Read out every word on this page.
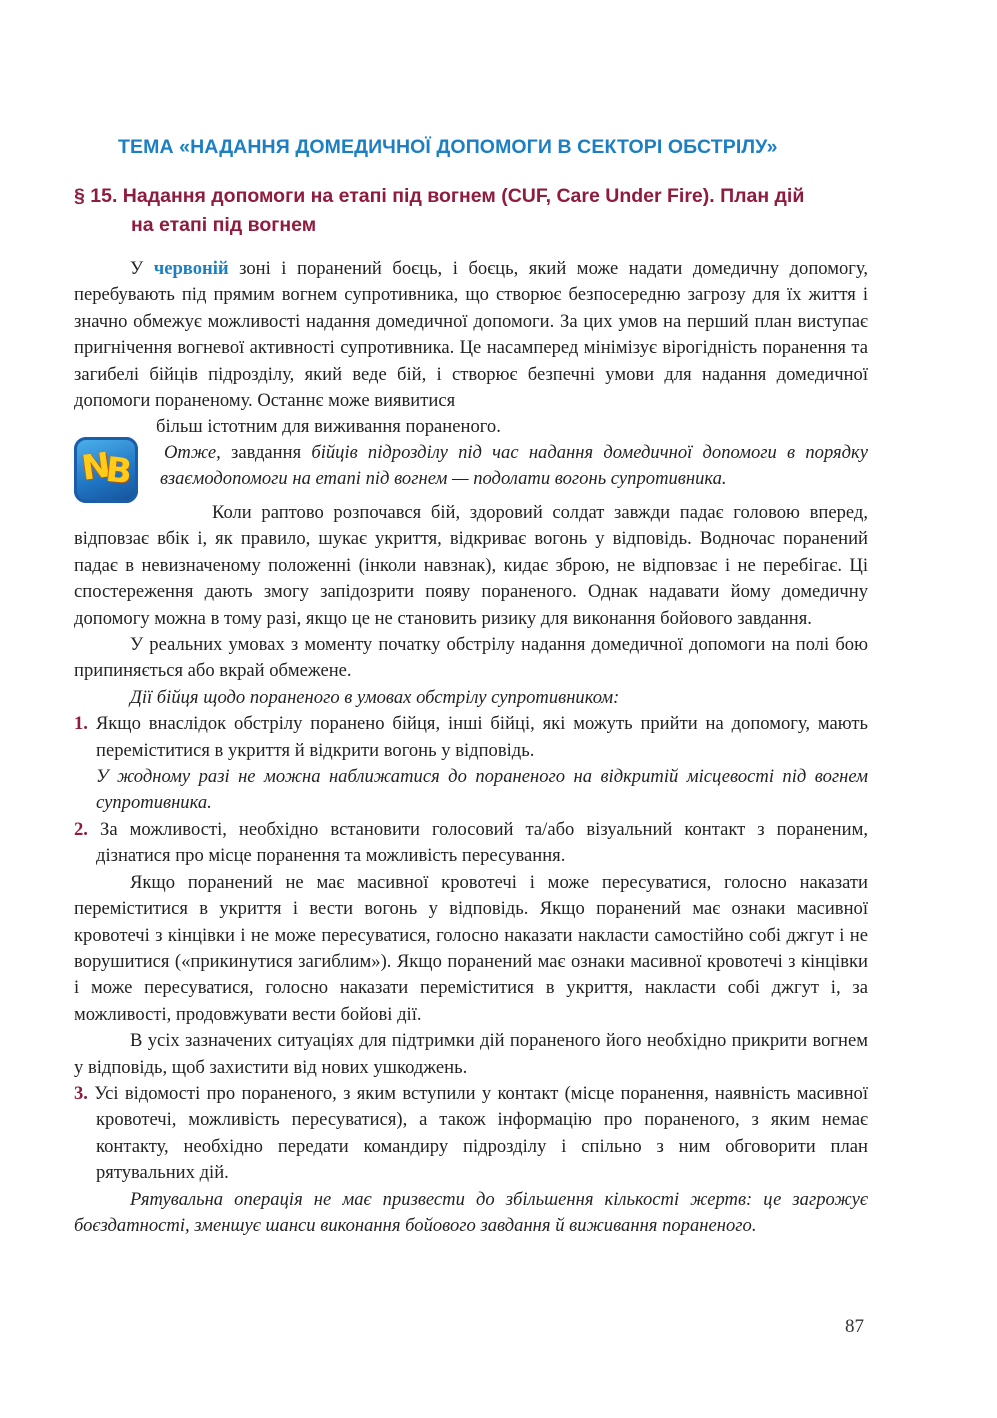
ТЕМА «НАДАННЯ ДОМЕДИЧНОЇ ДОПОМОГИ В СЕКТОРІ ОБСТРІЛУ»
§ 15. Надання допомоги на етапі під вогнем (CUF, Care Under Fire). План дій
на етапі під вогнем

У червоній зоні і поранений боєць, і боєць, який може надати домедичну допомогу, перебувають під прямим вогнем супротивника, що створює безпосередню загрозу для їх життя і значно обмежує можливості надання домедичної допомоги. За цих умов на перший план виступає пригнічення вогневої активності супротивника. Це насамперед мінімізує вірогідність поранення та загибелі бійців підрозділу, який веде бій, і створює безпечні умови для надання домедичної допомоги пораненому. Останнє може виявитися

більш істотним для виживання пораненого.

N
B Отже, завдання бійців підрозділу під час надання домедичної допомоги в порядку взаємодопомоги на етапі під вогнем — подолати вогонь супротивника.

Коли раптово розпочався бій, здоровий солдат завжди падає головою вперед, відповзає вбік і, як правило, шукає укриття, відкриває вогонь у відповідь. Водночас поранений падає в невизначеному положенні (інколи навзнак), кидає зброю, не відповзає і не перебігає. Ці спостереження дають змогу запідозрити появу пораненого. Однак надавати йому домедичну допомогу можна в тому разі, якщо це не становить ризику для виконання бойового завдання.

У реальних умовах з моменту початку обстрілу надання домедичної допомоги на полі бою припиняється або вкрай обмежене.

Дії бійця щодо пораненого в умовах обстрілу супротивником:

1. Якщо внаслідок обстрілу поранено бійця, інші бійці, які можуть прийти на допомогу, мають переміститися в укриття й відкрити вогонь у відповідь.
У жодному разі не можна наближатися до пораненого на відкритій місцевості під вогнем супротивника.
2. За можливості, необхідно встановити голосовий та/або візуальний контакт з пораненим, дізнатися про місце поранення та можливість пересування.

Якщо поранений не має масивної кровотечі і може пересуватися, голосно наказати переміститися в укриття і вести вогонь у відповідь. Якщо поранений має ознаки масивної кровотечі з кінцівки і не може пересуватися, голосно наказати накласти самостійно собі джгут і не ворушитися («прикинутися загиблим»). Якщо поранений має ознаки масивної кровотечі з кінцівки і може пересуватися, голосно наказати переміститися в укриття, накласти собі джгут і, за можливості, продовжувати вести бойові дії.

В усіх зазначених ситуаціях для підтримки дій пораненого його необхідно прикрити вогнем у відповідь, щоб захистити від нових ушкоджень.

3. Усі відомості про пораненого, з яким вступили у контакт (місце поранення, наявність масивної кровотечі, можливість пересуватися), а також інформацію про пораненого, з яким немає контакту, необхідно передати командиру підрозділу і спільно з ним обговорити план рятувальних дій.

Рятувальна операція не має призвести до збільшення кількості жертв: це загрожує боєздатності, зменшує шанси виконання бойового завдання й виживання пораненого.

87
